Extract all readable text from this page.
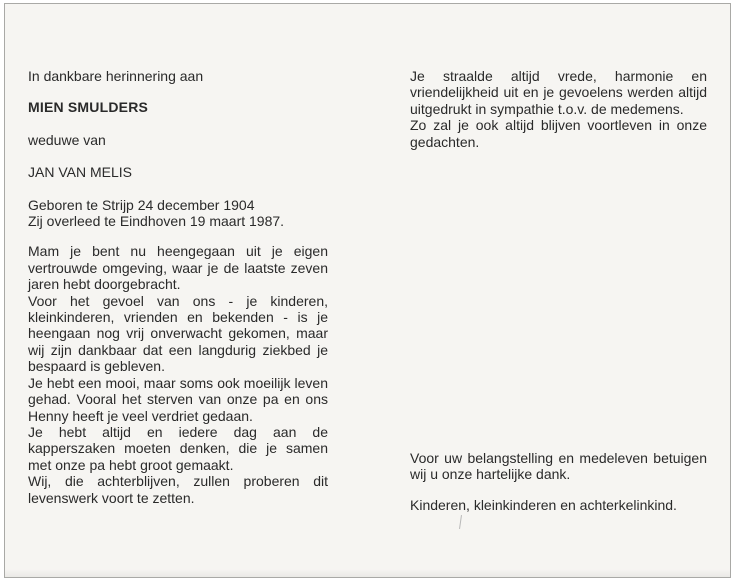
In dankbare herinnering aan

MIEN SMULDERS

weduwe van

JAN VAN MELIS

Geboren te Strijp 24 december 1904

Zij overleed te Eindhoven 19 maart 1987.

Mam je bent nu heengegaan uit je eigen vertrouwde omgeving, waar je de laatste zeven jaren hebt doorgebracht.

Voor het gevoel van ons - je kinderen, kleinkinderen, vrienden en bekenden - is je heengaan nog vrij onverwacht gekomen, maar wij zijn dankbaar dat een langdurig ziekbed je bespaard is gebleven.

Je hebt een mooi, maar soms ook moeilijk leven gehad. Vooral het sterven van onze pa en ons Henny heeft je veel verdriet gedaan.

Je hebt altijd en iedere dag aan de kapperszaken moeten denken, die je samen met onze pa hebt groot gemaakt.

Wij, die achterblijven, zullen proberen dit levenswerk voort te zetten.

Je straalde altijd vrede, harmonie en vriendelijkheid uit en je gevoelens werden altijd uitgedrukt in sympathie t.o.v. de medemens.

Zo zal je ook altijd blijven voortleven in onze gedachten.

Voor uw belangstelling en medeleven betuigen wij u onze hartelijke dank.

Kinderen, kleinkinderen en achterkelinkind.
